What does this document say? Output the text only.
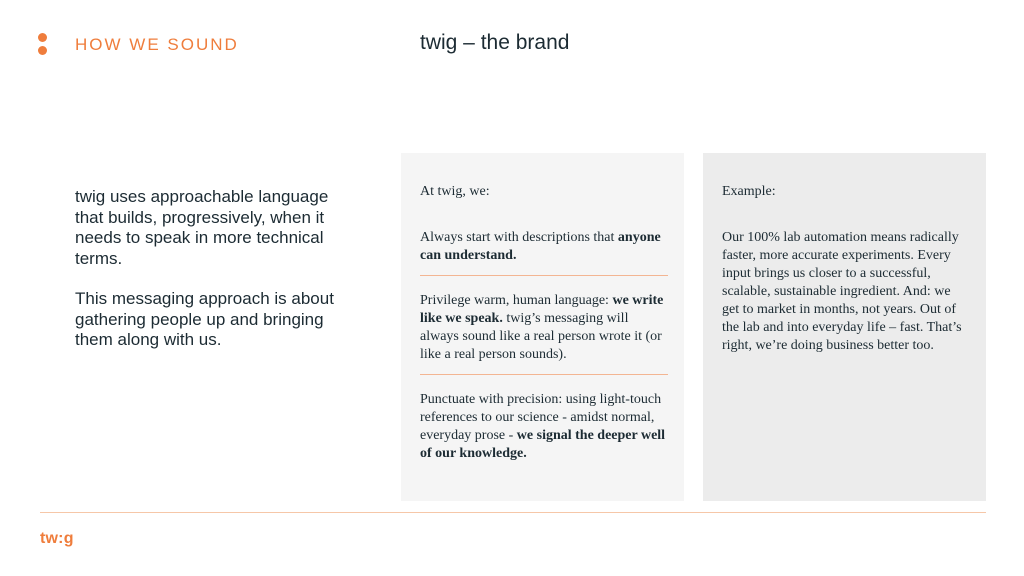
HOW WE SOUND	twig – the brand

twig uses approachable language that builds, progressively, when it needs to speak in more technical terms.

This messaging approach is about gathering people up and bringing them along with us.

At twig, we:
Always start with descriptions that anyone can understand.
Privilege warm, human language: we write like we speak. twig’s messaging will always sound like a real person wrote it (or like a real person sounds).
Punctuate with precision: using light-touch references to our science - amidst normal, everyday prose - we signal the deeper well of our knowledge.
Example:
Our 100% lab automation means radically faster, more accurate experiments. Every input brings us closer to a successful, scalable, sustainable ingredient. And: we get to market in months, not years. Out of the lab and into everyday life – fast. That’s right, we’re doing business better too.
tw:g
